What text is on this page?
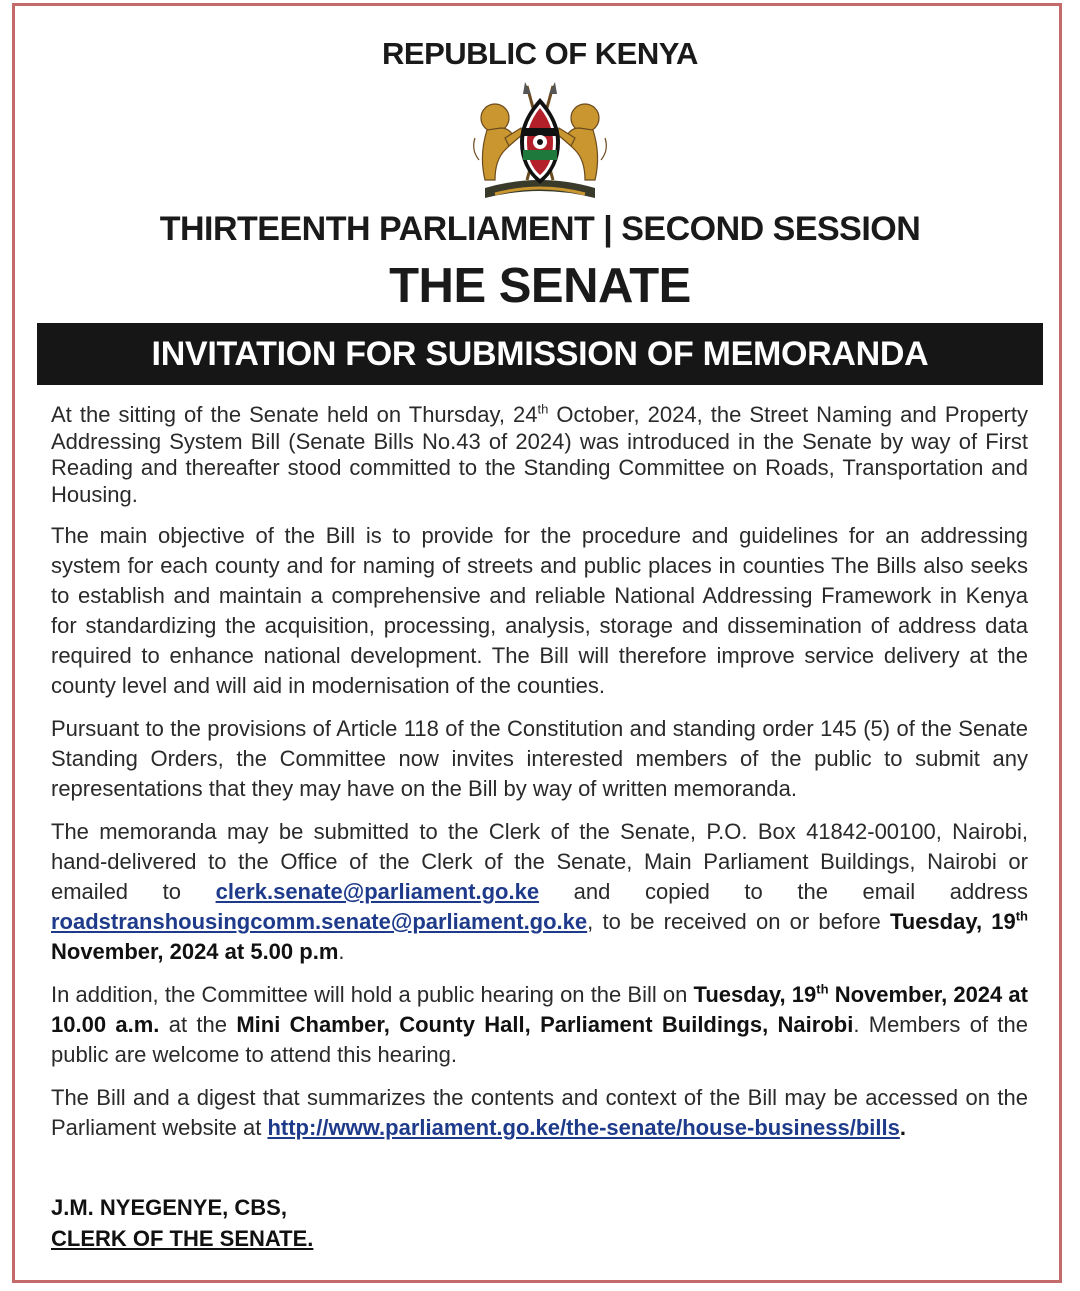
REPUBLIC OF KENYA
THIRTEENTH PARLIAMENT | SECOND SESSION
THE SENATE
INVITATION FOR SUBMISSION OF MEMORANDA

At the sitting of the Senate held on Thursday, 24th October, 2024, the Street Naming and Property Addressing System Bill (Senate Bills No.43 of 2024) was introduced in the Senate by way of First Reading and thereafter stood committed to the Standing Committee on Roads, Transportation and Housing.

The main objective of the Bill is to provide for the procedure and guidelines for an addressing system for each county and for naming of streets and public places in counties The Bills also seeks to establish and maintain a comprehensive and reliable National Addressing Framework in Kenya for standardizing the acquisition, processing, analysis, storage and dissemination of address data required to enhance national development. The Bill will therefore improve service delivery at the county level and will aid in modernisation of the counties.

Pursuant to the provisions of Article 118 of the Constitution and standing order 145 (5) of the Senate Standing Orders, the Committee now invites interested members of the public to submit any representations that they may have on the Bill by way of written memoranda.

The memoranda may be submitted to the Clerk of the Senate, P.O. Box 41842-00100, Nairobi, hand-delivered to the Office of the Clerk of the Senate, Main Parliament Buildings, Nairobi or emailed to clerk.senate@parliament.go.ke and copied to the email address roadstranshousingcomm.senate@parliament.go.ke, to be received on or before Tuesday, 19th November, 2024 at 5.00 p.m.

In addition, the Committee will hold a public hearing on the Bill on Tuesday, 19th November, 2024 at 10.00 a.m. at the Mini Chamber, County Hall, Parliament Buildings, Nairobi. Members of the public are welcome to attend this hearing.

The Bill and a digest that summarizes the contents and context of the Bill may be accessed on the Parliament website at http://www.parliament.go.ke/the-senate/house-business/bills.

J.M. NYEGENYE, CBS,
CLERK OF THE SENATE.
